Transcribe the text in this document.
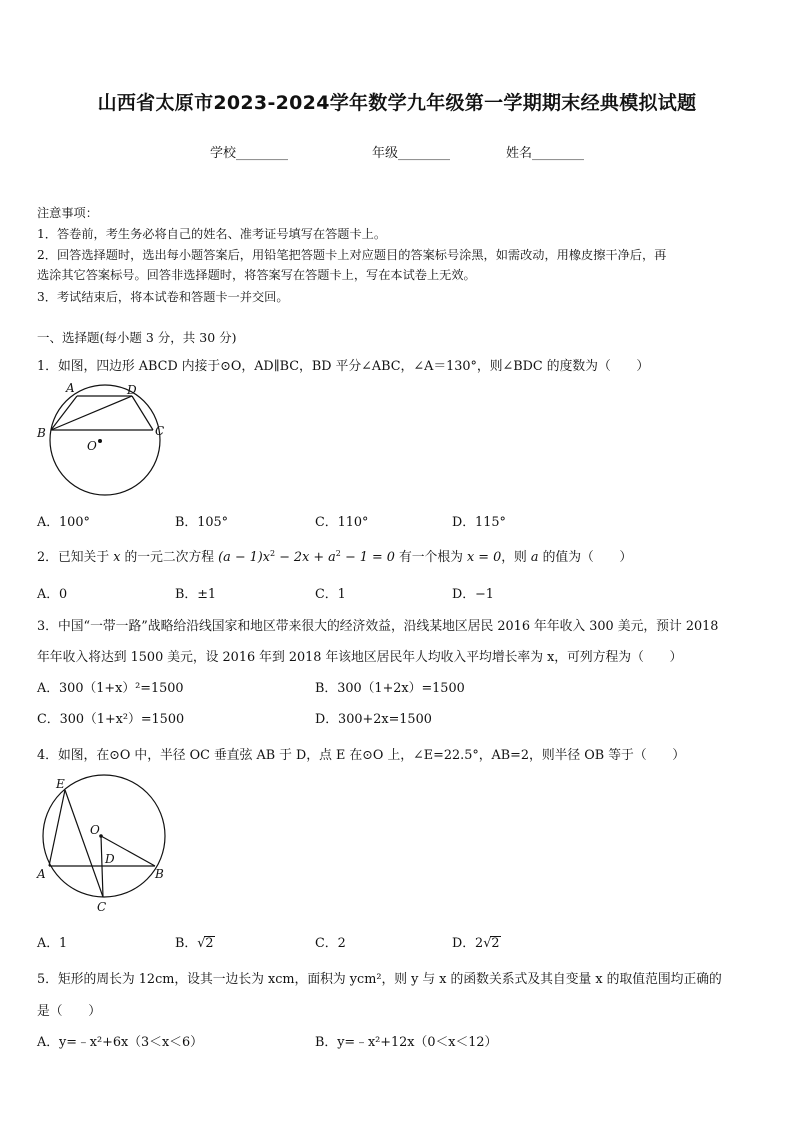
山西省太原市2023-2024学年数学九年级第一学期期末经典模拟试题
学校________	年级________	姓名________
注意事项：
1．答卷前，考生务必将自己的姓名、准考证号填写在答题卡上。
2．回答选择题时，选出每小题答案后，用铅笔把答题卡上对应题目的答案标号涂黑，如需改动，用橡皮擦干净后，再
选涂其它答案标号。回答非选择题时，将答案写在答题卡上，写在本试卷上无效。
3．考试结束后，将本试卷和答题卡一并交回。
一、选择题(每小题 3 分，共 30 分)
1．如图，四边形 ABCD 内接于⊙O，AD∥BC，BD 平分∠ABC，∠A＝130°，则∠BDC 的度数为（　　）
A	D
B	C
O
A．100°	B．105°	C．110°	D．115°
2．已知关于 x 的一元二次方程 $(a - 1)x^2 - 2x + a^2 - 1 = 0$ 有一个根为 x = 0，则 a 的值为（　　）
A．0	B．±1	C．1	D．−1
3．中国“一带一路”战略给沿线国家和地区带来很大的经济效益，沿线某地区居民 2016 年年收入 300 美元，预计 2018
年年收入将达到 1500 美元，设 2016 年到 2018 年该地区居民年人均收入平均增长率为 x，可列方程为（　　）
A．300（1+x）²=1500	B．300（1+2x）=1500
C．300（1+x²）=1500	D．300+2x=1500
4．如图，在⊙O 中，半径 OC 垂直弦 AB 于 D，点 E 在⊙O 上，∠E=22.5°，AB=2，则半径 OB 等于（　　）
E
O
D
A	B
C
A．1	B．√2	C．2	D．2√2
5．矩形的周长为 12cm，设其一边长为 xcm，面积为 ycm²，则 y 与 x 的函数关系式及其自变量 x 的取值范围均正确的
是（　　）
A．y=﹣x²+6x（3＜x＜6）	B．y=﹣x²+12x（0＜x＜12）
